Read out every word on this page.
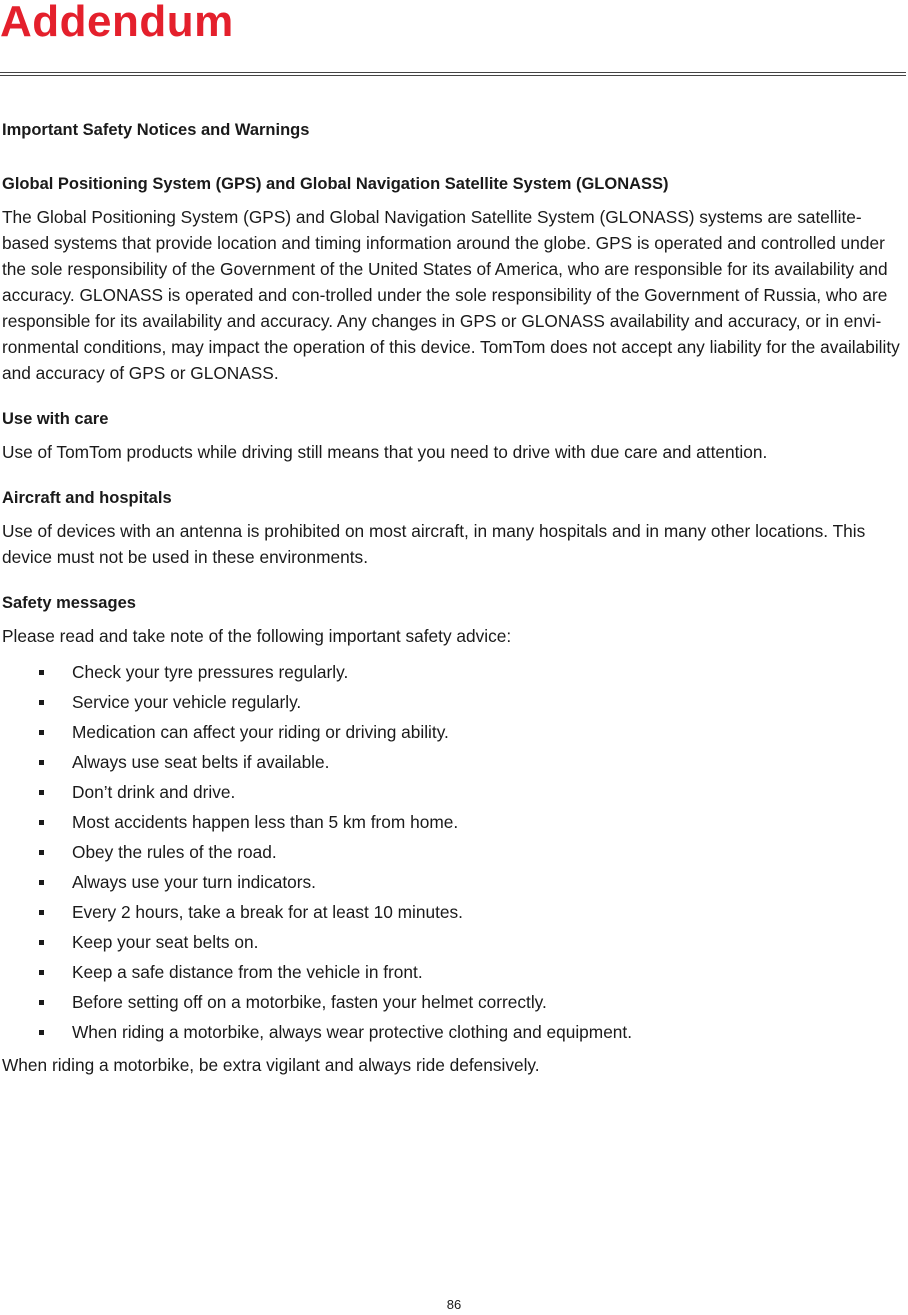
Addendum
Important Safety Notices and Warnings
Global Positioning System (GPS) and Global Navigation Satellite System (GLONASS)

The Global Positioning System (GPS) and Global Navigation Satellite System (GLONASS) systems are satellite-based systems that provide location and timing information around the globe. GPS is operated and controlled under the sole responsibility of the Government of the United States of America, who are responsible for its availability and accuracy. GLONASS is operated and con-trolled under the sole responsibility of the Government of Russia, who are responsible for its availability and accuracy. Any changes in GPS or GLONASS availability and accuracy, or in envi-ronmental conditions, may impact the operation of this device. TomTom does not accept any liability for the availability and accuracy of GPS or GLONASS.

Use with care

Use of TomTom products while driving still means that you need to drive with due care and attention.

Aircraft and hospitals

Use of devices with an antenna is prohibited on most aircraft, in many hospitals and in many other locations. This device must not be used in these environments.

Safety messages

Please read and take note of the following important safety advice:

Check your tyre pressures regularly.
Service your vehicle regularly.
Medication can affect your riding or driving ability.
Always use seat belts if available.
Don’t drink and drive.
Most accidents happen less than 5 km from home.
Obey the rules of the road.
Always use your turn indicators.
Every 2 hours, take a break for at least 10 minutes.
Keep your seat belts on.
Keep a safe distance from the vehicle in front.
Before setting off on a motorbike, fasten your helmet correctly.
When riding a motorbike, always wear protective clothing and equipment.

When riding a motorbike, be extra vigilant and always ride defensively.

86
